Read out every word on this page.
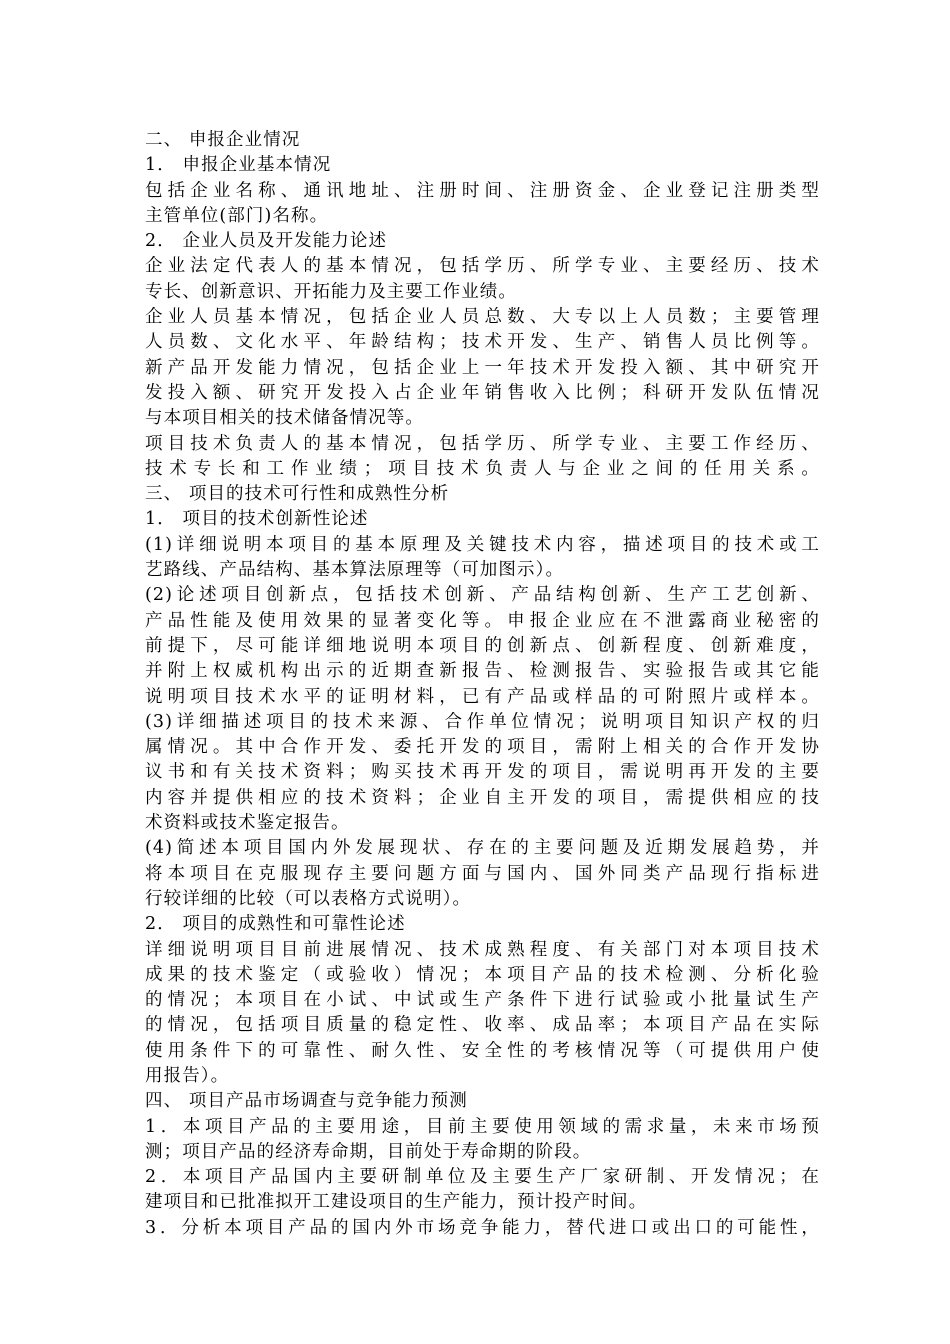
二、 申报企业情况
1． 申报企业基本情况
包括企业名称、通讯地址、注册时间、注册资金、企业登记注册类型
主管单位(部门)名称。
2． 企业人员及开发能力论述
企业法定代表人的基本情况，包括学历、所学专业、主要经历、技术
专长、创新意识、开拓能力及主要工作业绩。
企业人员基本情况，包括企业人员总数、大专以上人员数；主要管理
人员数、文化水平、年龄结构；技术开发、生产、销售人员比例等。
新产品开发能力情况，包括企业上一年技术开发投入额、其中研究开
发投入额、研究开发投入占企业年销售收入比例；科研开发队伍情况
与本项目相关的技术储备情况等。
项目技术负责人的基本情况，包括学历、所学专业、主要工作经历、
技术专长和工作业绩；项目技术负责人与企业之间的任用关系。
三、 项目的技术可行性和成熟性分析
1． 项目的技术创新性论述
(1)详细说明本项目的基本原理及关键技术内容，描述项目的技术或工
艺路线、产品结构、基本算法原理等（可加图示）。
(2)论述项目创新点，包括技术创新、产品结构创新、生产工艺创新、
产品性能及使用效果的显著变化等。申报企业应在不泄露商业秘密的
前提下，尽可能详细地说明本项目的创新点、创新程度、创新难度，
并附上权威机构出示的近期查新报告、检测报告、实验报告或其它能
说明项目技术水平的证明材料，已有产品或样品的可附照片或样本。
(3)详细描述项目的技术来源、合作单位情况；说明项目知识产权的归
属情况。其中合作开发、委托开发的项目，需附上相关的合作开发协
议书和有关技术资料；购买技术再开发的项目，需说明再开发的主要
内容并提供相应的技术资料；企业自主开发的项目，需提供相应的技
术资料或技术鉴定报告。
(4)简述本项目国内外发展现状、存在的主要问题及近期发展趋势，并
将本项目在克服现存主要问题方面与国内、国外同类产品现行指标进
行较详细的比较（可以表格方式说明）。
2． 项目的成熟性和可靠性论述
详细说明项目目前进展情况、技术成熟程度、有关部门对本项目技术
成果的技术鉴定（或验收）情况；本项目产品的技术检测、分析化验
的情况；本项目在小试、中试或生产条件下进行试验或小批量试生产
的情况，包括项目质量的稳定性、收率、成品率；本项目产品在实际
使用条件下的可靠性、耐久性、安全性的考核情况等（可提供用户使
用报告）。
四、 项目产品市场调查与竞争能力预测
1．本项目产品的主要用途，目前主要使用领域的需求量，未来市场预
测；项目产品的经济寿命期，目前处于寿命期的阶段。
2．本项目产品国内主要研制单位及主要生产厂家研制、开发情况；在
建项目和已批准拟开工建设项目的生产能力，预计投产时间。
3．分析本项目产品的国内外市场竞争能力，替代进口或出口的可能性，
